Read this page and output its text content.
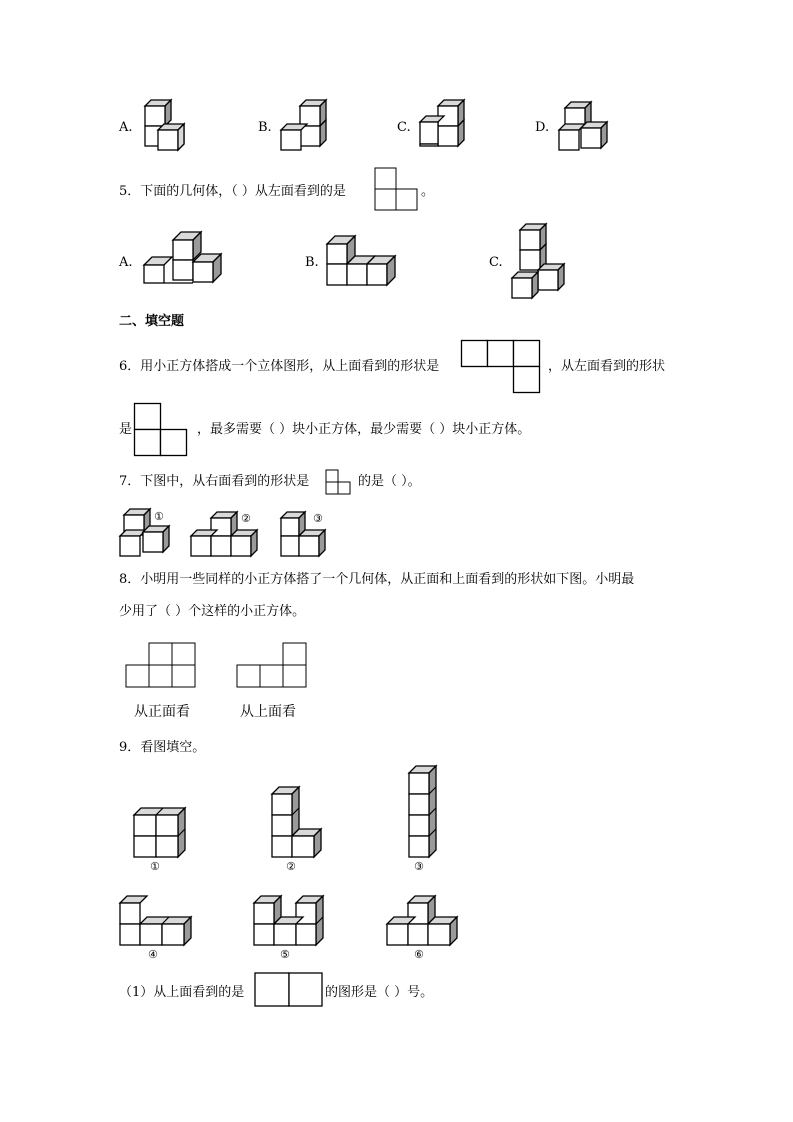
A.	B.	C.	D.
5．下面的几何体，（ ）从左面看到的是	。
A.	B.	C.
二、填空题
6．用小正方体搭成一个立体图形，从上面看到的形状是	，从左面看到的形状
是	，最多需要（ ）块小正方体，最少需要（ ）块小正方体。
7．下图中，从右面看到的形状是	的是（ ）。
①	②	③
8．小明用一些同样的小正方体搭了一个几何体，从正面和上面看到的形状如下图。小明最
少用了（ ）个这样的小正方体。
从正面看	从上面看
9．看图填空。
①	②	③
④	⑤	⑥
（1）从上面看到的是	的图形是（ ）号。
